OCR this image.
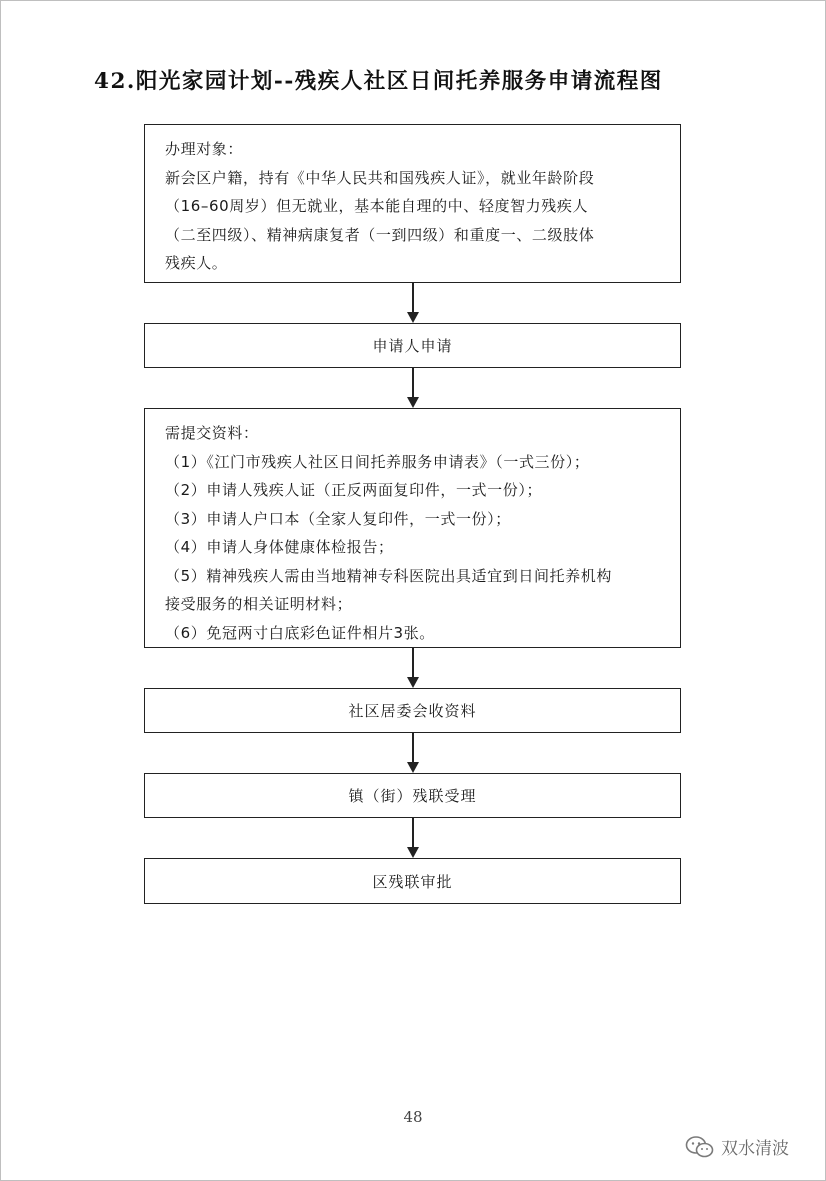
42.阳光家园计划--残疾人社区日间托养服务申请流程图
办理对象：
新会区户籍，持有《中华人民共和国残疾人证》，就业年龄阶段
（16–60周岁）但无就业，基本能自理的中、轻度智力残疾人
（二至四级）、精神病康复者（一到四级）和重度一、二级肢体
残疾人。
申请人申请
需提交资料：
（1）《江门市残疾人社区日间托养服务申请表》（一式三份）；
（2）申请人残疾人证（正反两面复印件，一式一份）；
（3）申请人户口本（全家人复印件，一式一份）；
（4）申请人身体健康体检报告；
（5）精神残疾人需由当地精神专科医院出具适宜到日间托养机构
接受服务的相关证明材料；
（6）免冠两寸白底彩色证件相片3张。
社区居委会收资料
镇（街）残联受理
区残联审批
48
双水清波
